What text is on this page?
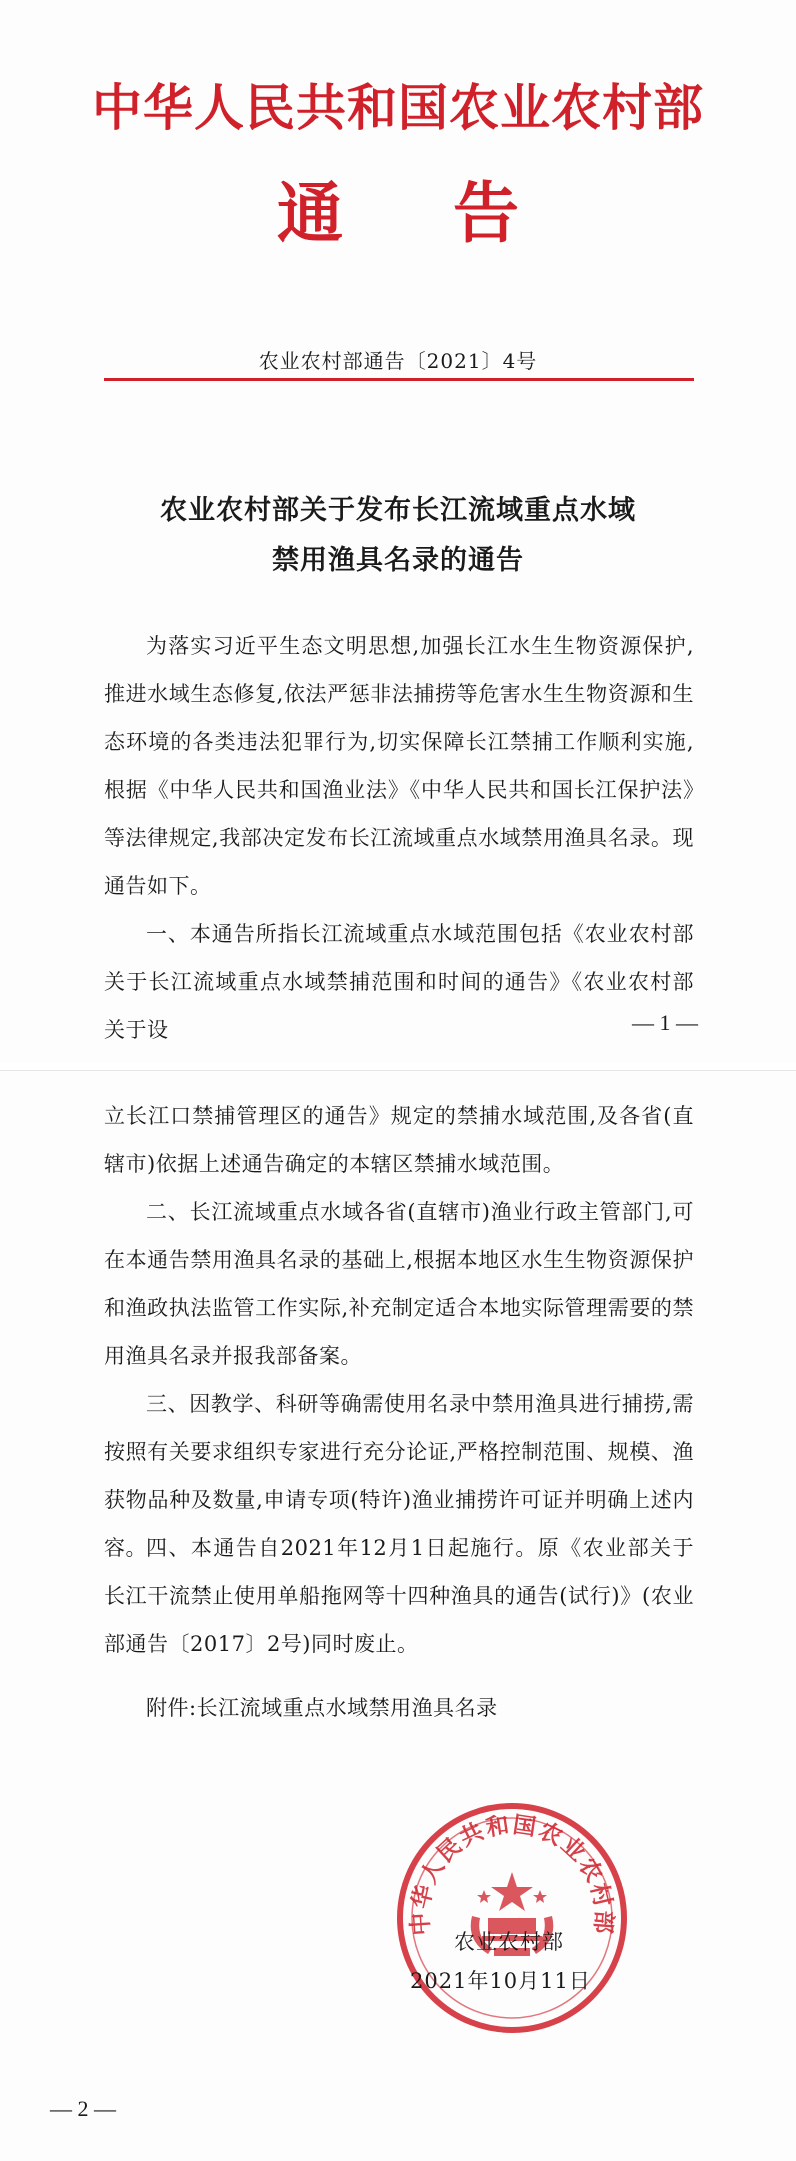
中华人民共和国农业农村部
通告
农业农村部通告〔2021〕4号
农业农村部关于发布长江流域重点水域
禁用渔具名录的通告

为落实习近平生态文明思想,加强长江水生生物资源保护,推进水域生态修复,依法严惩非法捕捞等危害水生生物资源和生态环境的各类违法犯罪行为,切实保障长江禁捕工作顺利实施,根据《中华人民共和国渔业法》《中华人民共和国长江保护法》等法律规定,我部决定发布长江流域重点水域禁用渔具名录。现通告如下。

一、本通告所指长江流域重点水域范围包括《农业农村部关于长江流域重点水域禁捕范围和时间的通告》《农业农村部关于设	— 1 —

立长江口禁捕管理区的通告》规定的禁捕水域范围,及各省(直辖市)依据上述通告确定的本辖区禁捕水域范围。

二、长江流域重点水域各省(直辖市)渔业行政主管部门,可在本通告禁用渔具名录的基础上,根据本地区水生生物资源保护和渔政执法监管工作实际,补充制定适合本地实际管理需要的禁用渔具名录并报我部备案。

三、因教学、科研等确需使用名录中禁用渔具进行捕捞,需按照有关要求组织专家进行充分论证,严格控制范围、规模、渔获物品种及数量,申请专项(特许)渔业捕捞许可证并明确上述内容。 四、本通告自2021年12月1日起施行。原《农业部关于长江干流禁止使用单船拖网等十四种渔具的通告(试行)》(农业部通告〔2017〕2号)同时废止。

附件:长江流域重点水域禁用渔具名录

中华人民共和国农业农村部
农业农村部
2021年10月11日
— 2 —
